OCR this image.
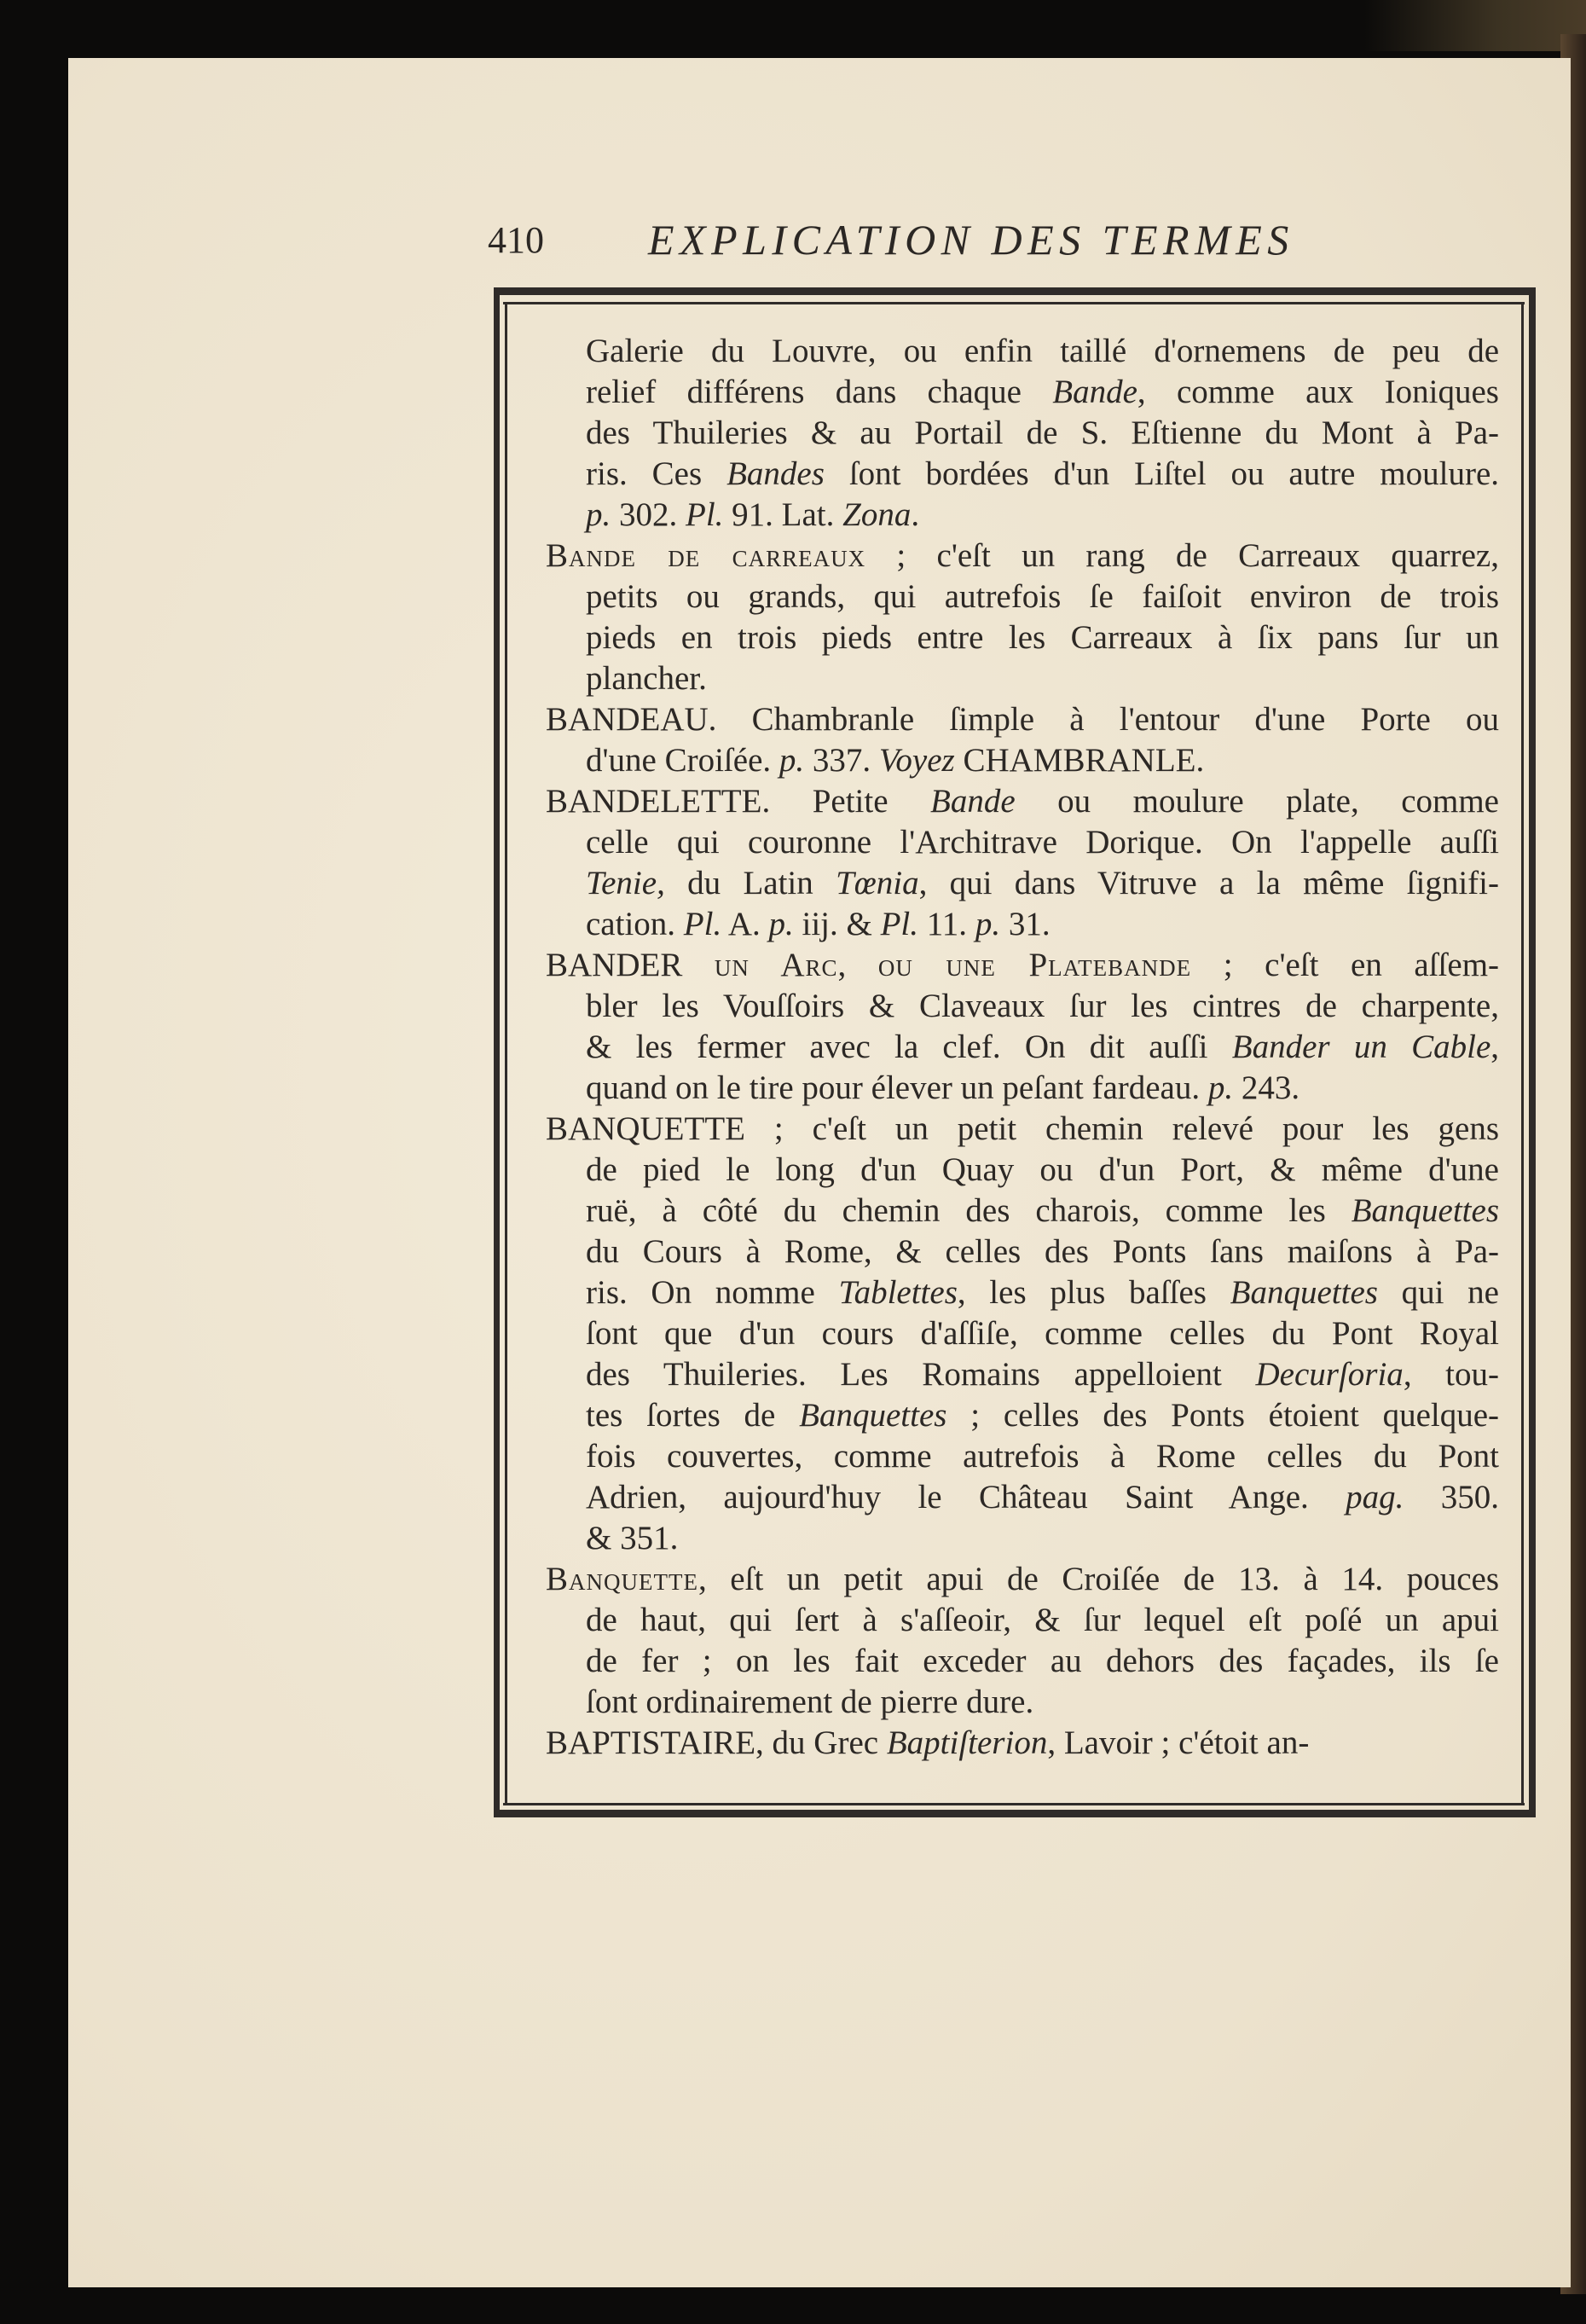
410 EXPLICATION DES TERMES
Galerie du Louvre, ou enfin taillé d'ornemens de peu de
relief différens dans chaque Bande, comme aux Ioniques
des Thuileries & au Portail de S. Eſtienne du Mont à Pa-
ris. Ces Bandes ſont bordées d'un Liſtel ou autre moulure.
p. 302. Pl. 91. Lat. Zona.
Bande de carreaux ; c'eſt un rang de Carreaux quarrez,
petits ou grands, qui autrefois ſe faiſoit environ de trois
pieds en trois pieds entre les Carreaux à ſix pans ſur un
plancher.
BANDEAU. Chambranle ſimple à l'entour d'une Porte ou
d'une Croiſée. p. 337. Voyez CHAMBRANLE.
BANDELETTE. Petite Bande ou moulure plate, comme
celle qui couronne l'Architrave Dorique. On l'appelle auſſi
Tenie, du Latin Tœnia, qui dans Vitruve a la même ſignifi-
cation. Pl. A. p. iij. & Pl. 11. p. 31.
BANDER un Arc, ou une Platebande ; c'eſt en aſſem-
bler les Vouſſoirs & Claveaux ſur les cintres de charpente,
& les fermer avec la clef. On dit auſſi Bander un Cable,
quand on le tire pour élever un peſant fardeau. p. 243.
BANQUETTE ; c'eſt un petit chemin relevé pour les gens
de pied le long d'un Quay ou d'un Port, & même d'une
ruë, à côté du chemin des charois, comme les Banquettes
du Cours à Rome, & celles des Ponts ſans maiſons à Pa-
ris. On nomme Tablettes, les plus baſſes Banquettes qui ne
ſont que d'un cours d'aſſiſe, comme celles du Pont Royal
des Thuileries. Les Romains appelloient Decurſoria, tou-
tes ſortes de Banquettes ; celles des Ponts étoient quelque-
fois couvertes, comme autrefois à Rome celles du Pont
Adrien, aujourd'huy le Château Saint Ange. pag. 350.
& 351.
Banquette, eſt un petit apui de Croiſée de 13. à 14. pouces
de haut, qui ſert à s'aſſeoir, & ſur lequel eſt poſé un apui
de fer ; on les fait exceder au dehors des façades, ils ſe
ſont ordinairement de pierre dure.
BAPTISTAIRE, du Grec Baptiſterion, Lavoir ; c'étoit an-
